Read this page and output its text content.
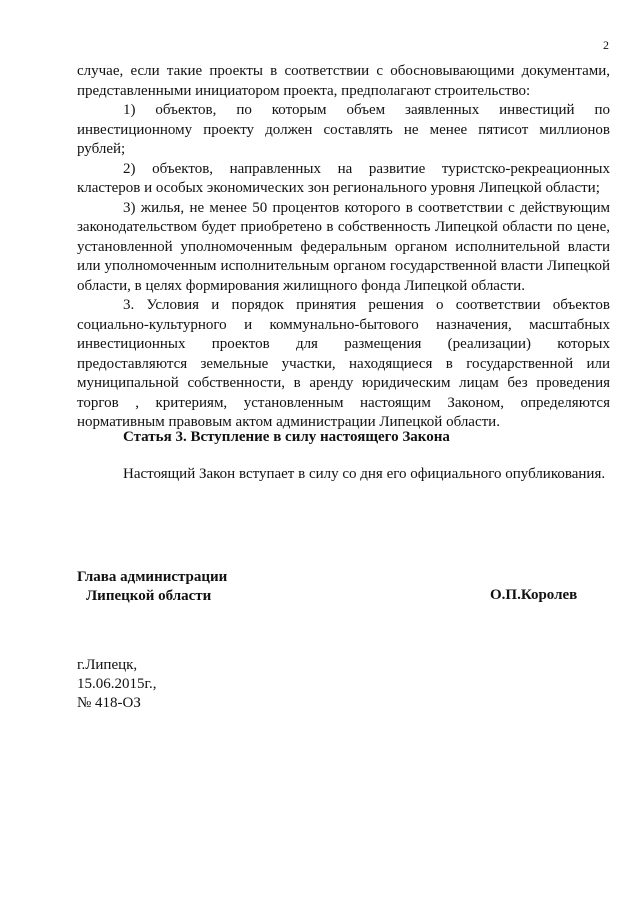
2

случае, если такие проекты в соответствии с обосновывающими документами, представленными инициатором проекта, предполагают строительство:

1) объектов, по которым объем заявленных инвестиций по инвестиционному проекту должен составлять не менее пятисот миллионов рублей;

2) объектов, направленных на развитие туристско-рекреационных кластеров и особых экономических зон регионального уровня Липецкой области;

3) жилья, не менее 50 процентов которого в соответствии с действующим законодательством будет приобретено в собственность Липецкой области по цене, установленной уполномоченным федеральным органом исполнительной власти или уполномоченным исполнительным органом государственной власти Липецкой области, в целях формирования жилищного фонда Липецкой области.

3. Условия и порядок принятия решения о соответствии объектов социально-культурного и коммунально-бытового назначения, масштабных инвестиционных проектов для размещения (реализации) которых предоставляются земельные участки, находящиеся в государственной или муниципальной собственности, в аренду юридическим лицам без проведения торгов , критериям, установленным настоящим Законом, определяются нормативным правовым актом администрации Липецкой области.

Статья 3. Вступление в силу настоящего Закона
Настоящий Закон вступает в силу со дня его официального опубликования.
Глава администрации
Липецкой области	О.П.Королев
г.Липецк,
15.06.2015г.,
№ 418-ОЗ
